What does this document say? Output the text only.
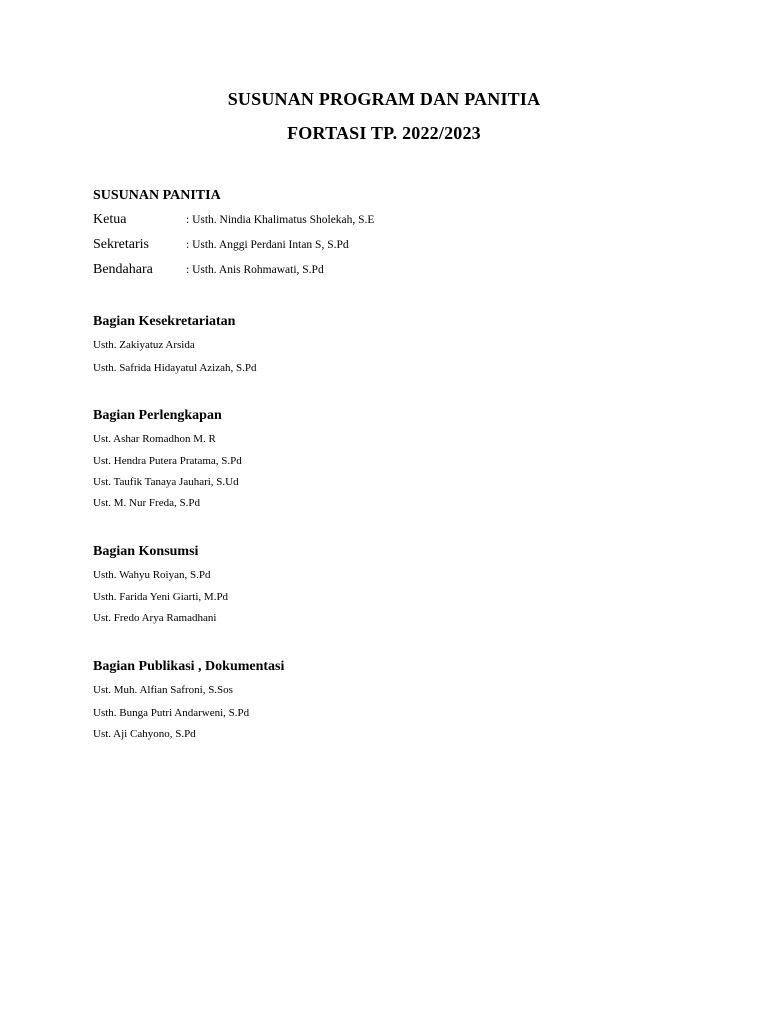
SUSUNAN PROGRAM DAN PANITIA
FORTASI TP. 2022/2023
SUSUNAN PANITIA
Ketua	: Usth. Nindia Khalimatus Sholekah, S.E
Sekretaris	: Usth. Anggi Perdani Intan S, S.Pd
Bendahara	: Usth. Anis Rohmawati, S.Pd
Bagian Kesekretariatan
Usth. Zakiyatuz Arsida
Usth. Safrida Hidayatul Azizah, S.Pd
Bagian Perlengkapan
Ust. Ashar Romadhon M. R
Ust. Hendra Putera Pratama, S.Pd
Ust. Taufik Tanaya Jauhari, S.Ud
Ust. M. Nur Freda, S.Pd
Bagian Konsumsi
Usth. Wahyu Roiyan, S.Pd
Usth. Farida Yeni Giarti, M.Pd
Ust. Fredo Arya Ramadhani
Bagian Publikasi , Dokumentasi
Ust. Muh. Alfian Safroni, S.Sos
Usth. Bunga Putri Andarweni, S.Pd
Ust. Aji Cahyono, S.Pd
